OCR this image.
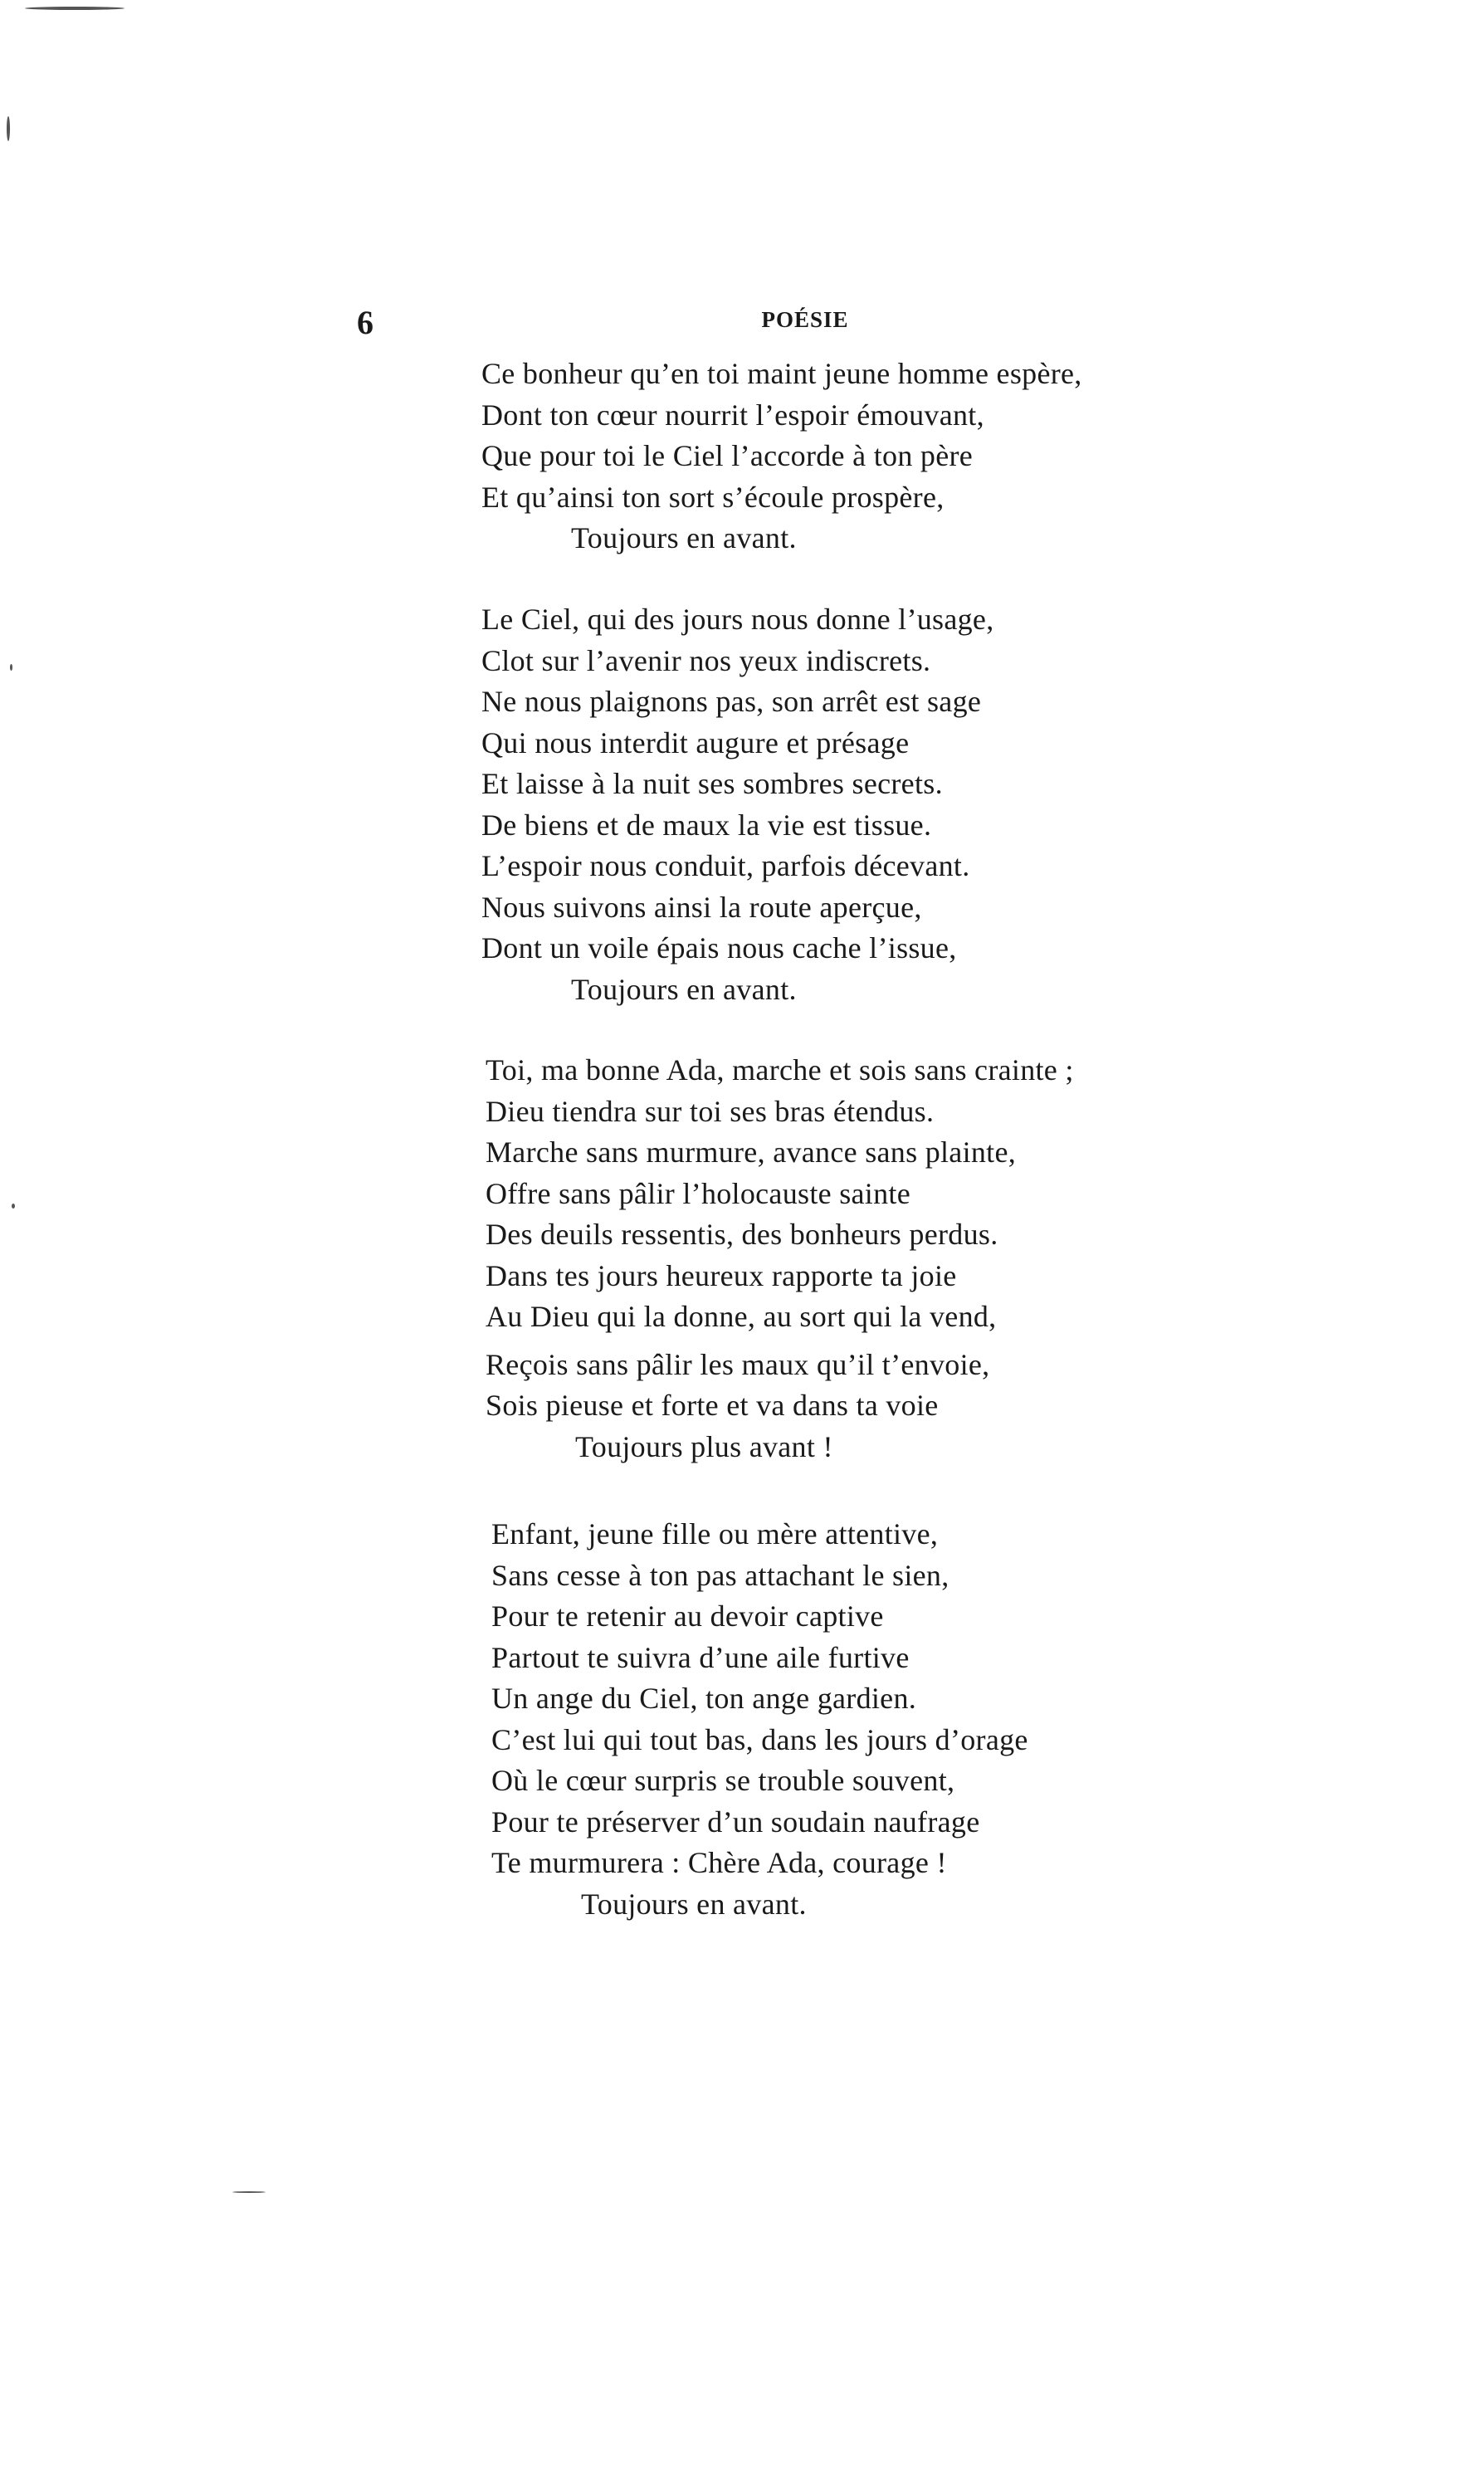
6	POÉSIE
Ce bonheur qu’en toi maint jeune homme espère,
Dont ton cœur nourrit l’espoir émouvant,
Que pour toi le Ciel l’accorde à ton père
Et qu’ainsi ton sort s’écoule prospère,
Toujours en avant.
Le Ciel, qui des jours nous donne l’usage,
Clot sur l’avenir nos yeux indiscrets.
Ne nous plaignons pas, son arrêt est sage
Qui nous interdit augure et présage
Et laisse à la nuit ses sombres secrets.
De biens et de maux la vie est tissue.
L’espoir nous conduit, parfois décevant.
Nous suivons ainsi la route aperçue,
Dont un voile épais nous cache l’issue,
Toujours en avant.
Toi, ma bonne Ada, marche et sois sans crainte ;
Dieu tiendra sur toi ses bras étendus.
Marche sans murmure, avance sans plainte,
Offre sans pâlir l’holocauste sainte
Des deuils ressentis, des bonheurs perdus.
Dans tes jours heureux rapporte ta joie
Au Dieu qui la donne, au sort qui la vend,
Reçois sans pâlir les maux qu’il t’envoie,
Sois pieuse et forte et va dans ta voie
Toujours plus avant !
Enfant, jeune fille ou mère attentive,
Sans cesse à ton pas attachant le sien,
Pour te retenir au devoir captive
Partout te suivra d’une aile furtive
Un ange du Ciel, ton ange gardien.
C’est lui qui tout bas, dans les jours d’orage
Où le cœur surpris se trouble souvent,
Pour te préserver d’un soudain naufrage
Te murmurera : Chère Ada, courage !
Toujours en avant.
